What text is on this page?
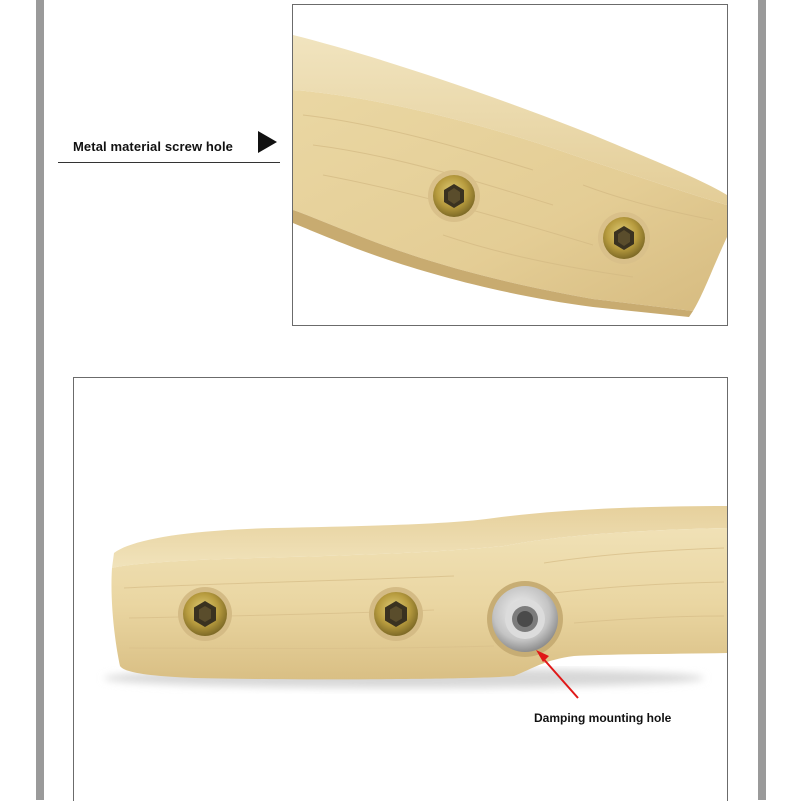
Metal material screw hole
Damping mounting hole
